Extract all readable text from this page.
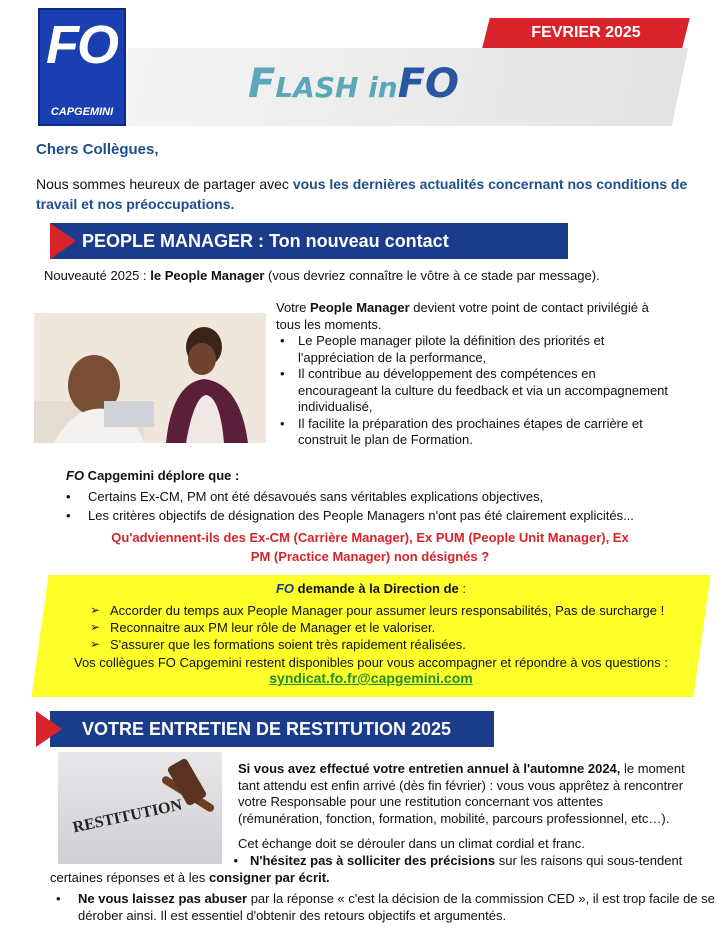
FO
CAPGEMINI
FEVRIER 2025
FLASH inFO
Chers Collègues,
Nous sommes heureux de partager avec vous les dernières actualités concernant nos conditions de travail et nos préoccupations.
PEOPLE MANAGER : Ton nouveau contact
Nouveauté 2025 : le People Manager (vous devriez connaître le vôtre à ce stade par message).
Votre People Manager devient votre point de contact privilégié à tous les moments.
• Le People manager pilote la définition des priorités et l'appréciation de la performance,
• Il contribue au développement des compétences en encourageant la culture du feedback et via un accompagnement individualisé,
• Il facilite la préparation des prochaines étapes de carrière et construit le plan de Formation.
FO Capgemini déplore que :
• Certains Ex-CM, PM ont été désavoués sans véritables explications objectives,
• Les critères objectifs de désignation des People Managers n'ont pas été clairement explicités...
Qu'adviennent-ils des Ex-CM (Carrière Manager), Ex PUM (People Unit Manager), Ex PM (Practice Manager) non désignés ?
FO demande à la Direction de :
➢ Accorder du temps aux People Manager pour assumer leurs responsabilités, Pas de surcharge !
➢ Reconnaitre aux PM leur rôle de Manager et le valoriser.
➢ S'assurer que les formations soient très rapidement réalisées.
Vos collègues FO Capgemini restent disponibles pour vous accompagner et répondre à vos questions :
syndicat.fo.fr@capgemini.com
VOTRE ENTRETIEN DE RESTITUTION 2025
RESTITUTION
Si vous avez effectué votre entretien annuel à l'automne 2024, le moment tant attendu est enfin arrivé (dès fin février) : vous vous apprêtez à rencontrer votre Responsable pour une restitution concernant vos attentes (rémunération, fonction, formation, mobilité, parcours professionnel, etc…).
Cet échange doit se dérouler dans un climat cordial et franc.
• N'hésitez pas à solliciter des précisions sur les raisons qui sous-tendent certaines réponses et à les consigner par écrit.
• Ne vous laissez pas abuser par la réponse « c'est la décision de la commission CED », il est trop facile de se dérober ainsi. Il est essentiel d'obtenir des retours objectifs et argumentés.
